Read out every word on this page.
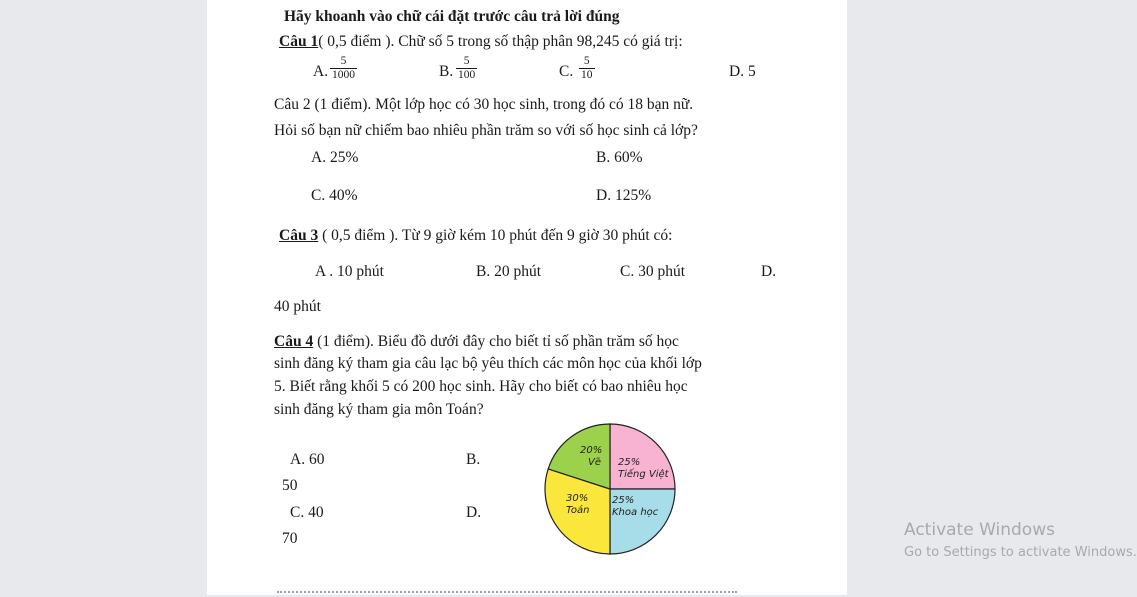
Hãy khoanh vào chữ cái đặt trước câu trả lời đúng
Câu 1( 0,5 điểm ). Chữ số 5 trong số thập phân 98,245 có giá trị:
A. $\frac{5}{1000}$	B. $\frac{5}{100}$	C. $\frac{5}{10}$	D. 5
Câu 2 (1 điểm). Một lớp học có 30 học sinh, trong đó có 18 bạn nữ.
Hỏi số bạn nữ chiếm bao nhiêu phần trăm so với số học sinh cả lớp?
A. 25%	B. 60%
C. 40%	D. 125%
Câu 3 ( 0,5 điểm ). Từ 9 giờ kém 10 phút đến 9 giờ 30 phút có:
A . 10 phút	B. 20 phút	C. 30 phút	D.
40 phút
Câu 4 (1 điểm). Biểu đồ dưới đây cho biết tỉ số phần trăm số học
sinh đăng ký tham gia câu lạc bộ yêu thích các môn học của khối lớp
5. Biết rằng khối 5 có 200 học sinh. Hãy cho biết có bao nhiêu học
sinh đăng ký tham gia môn Toán?
A. 60	B.
50
C. 40	D.
70
25%
Tiếng Việt
25%
Khoa học
30%
Toán
20%
Vẽ
Activate Windows
Go to Settings to activate Windows.
